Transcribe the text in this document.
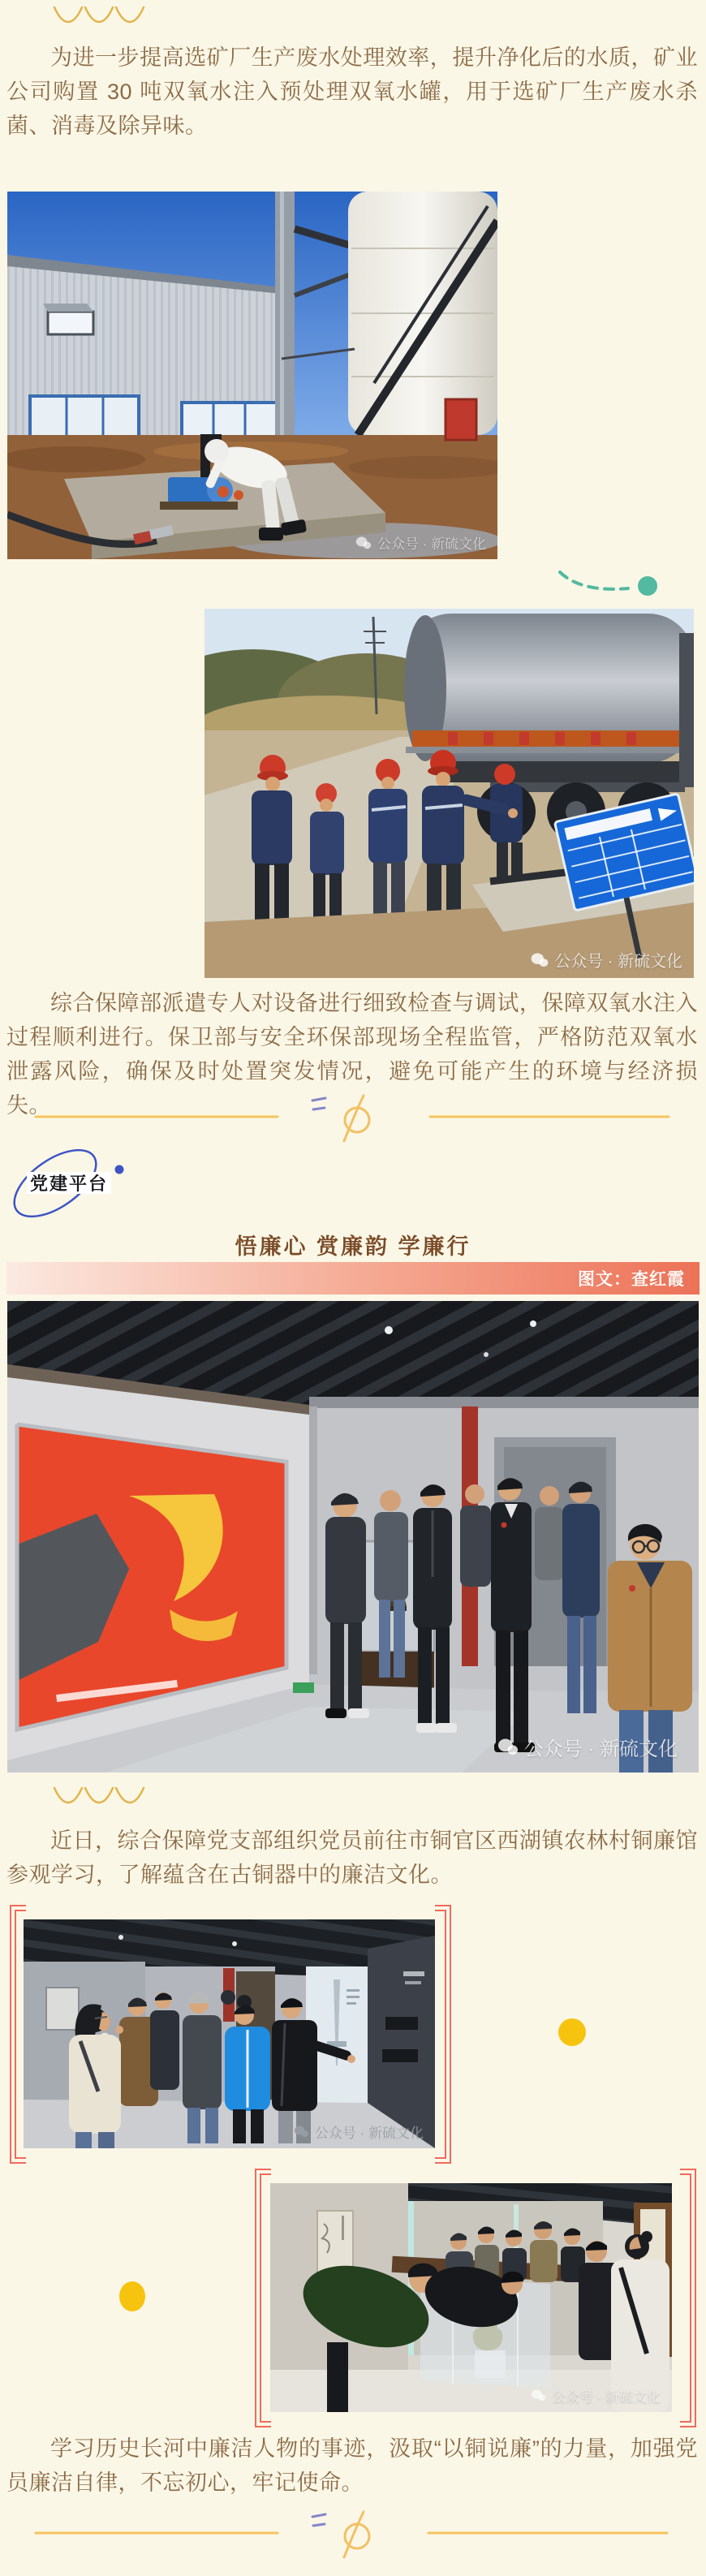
为进一步提高选矿厂生产废水处理效率，提升净化后的水质，矿业公司购置 30 吨双氧水注入预处理双氧水罐，用于选矿厂生产废水杀菌、消毒及除异味。

公众号 · 新硫文化
公众号 · 新硫文化

综合保障部派遣专人对设备进行细致检查与调试，保障双氧水注入过程顺利进行。保卫部与安全环保部现场全程监管，严格防范双氧水泄露风险，确保及时处置突发情况，避免可能产生的环境与经济损失。

党建平台
悟廉心 赏廉韵 学廉行
图文：查红霞
公众号 · 新硫文化

近日，综合保障党支部组织党员前往市铜官区西湖镇农林村铜廉馆参观学习，了解蕴含在古铜器中的廉洁文化。

公众号 · 新硫文化
公众号 · 新硫文化

学习历史长河中廉洁人物的事迹，汲取“以铜说廉”的力量，加强党员廉洁自律，不忘初心，牢记使命。
